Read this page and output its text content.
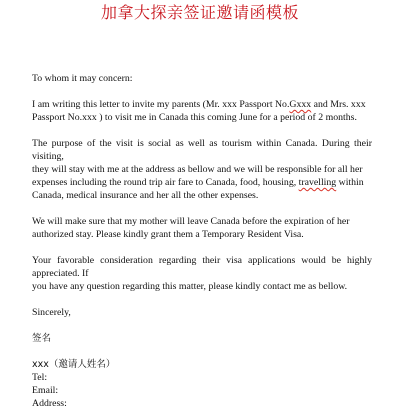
加拿大探亲签证邀请函模板
To whom it may concern:
I am writing this letter to invite my parents (Mr. xxx Passport No.Gxxx and Mrs. xxx
Passport No.xxx ) to visit me in Canada this coming June for a period of 2 months.
The purpose of the visit is social as well as tourism within Canada. During their
visiting,
they will stay with me at the address as bellow and we will be responsible for all her
expenses including the round trip air fare to Canada, food, housing, travelling within
Canada, medical insurance and her all the other expenses.
We will make sure that my mother will leave Canada before the expiration of her
authorized stay. Please kindly grant them a Temporary Resident Visa.
Your favorable consideration regarding their visa applications would be highly
appreciated. If
you have any question regarding this matter, please kindly contact me as bellow.
Sincerely,
签名
xxx（邀请人姓名）
Tel:
Email:
Address:
